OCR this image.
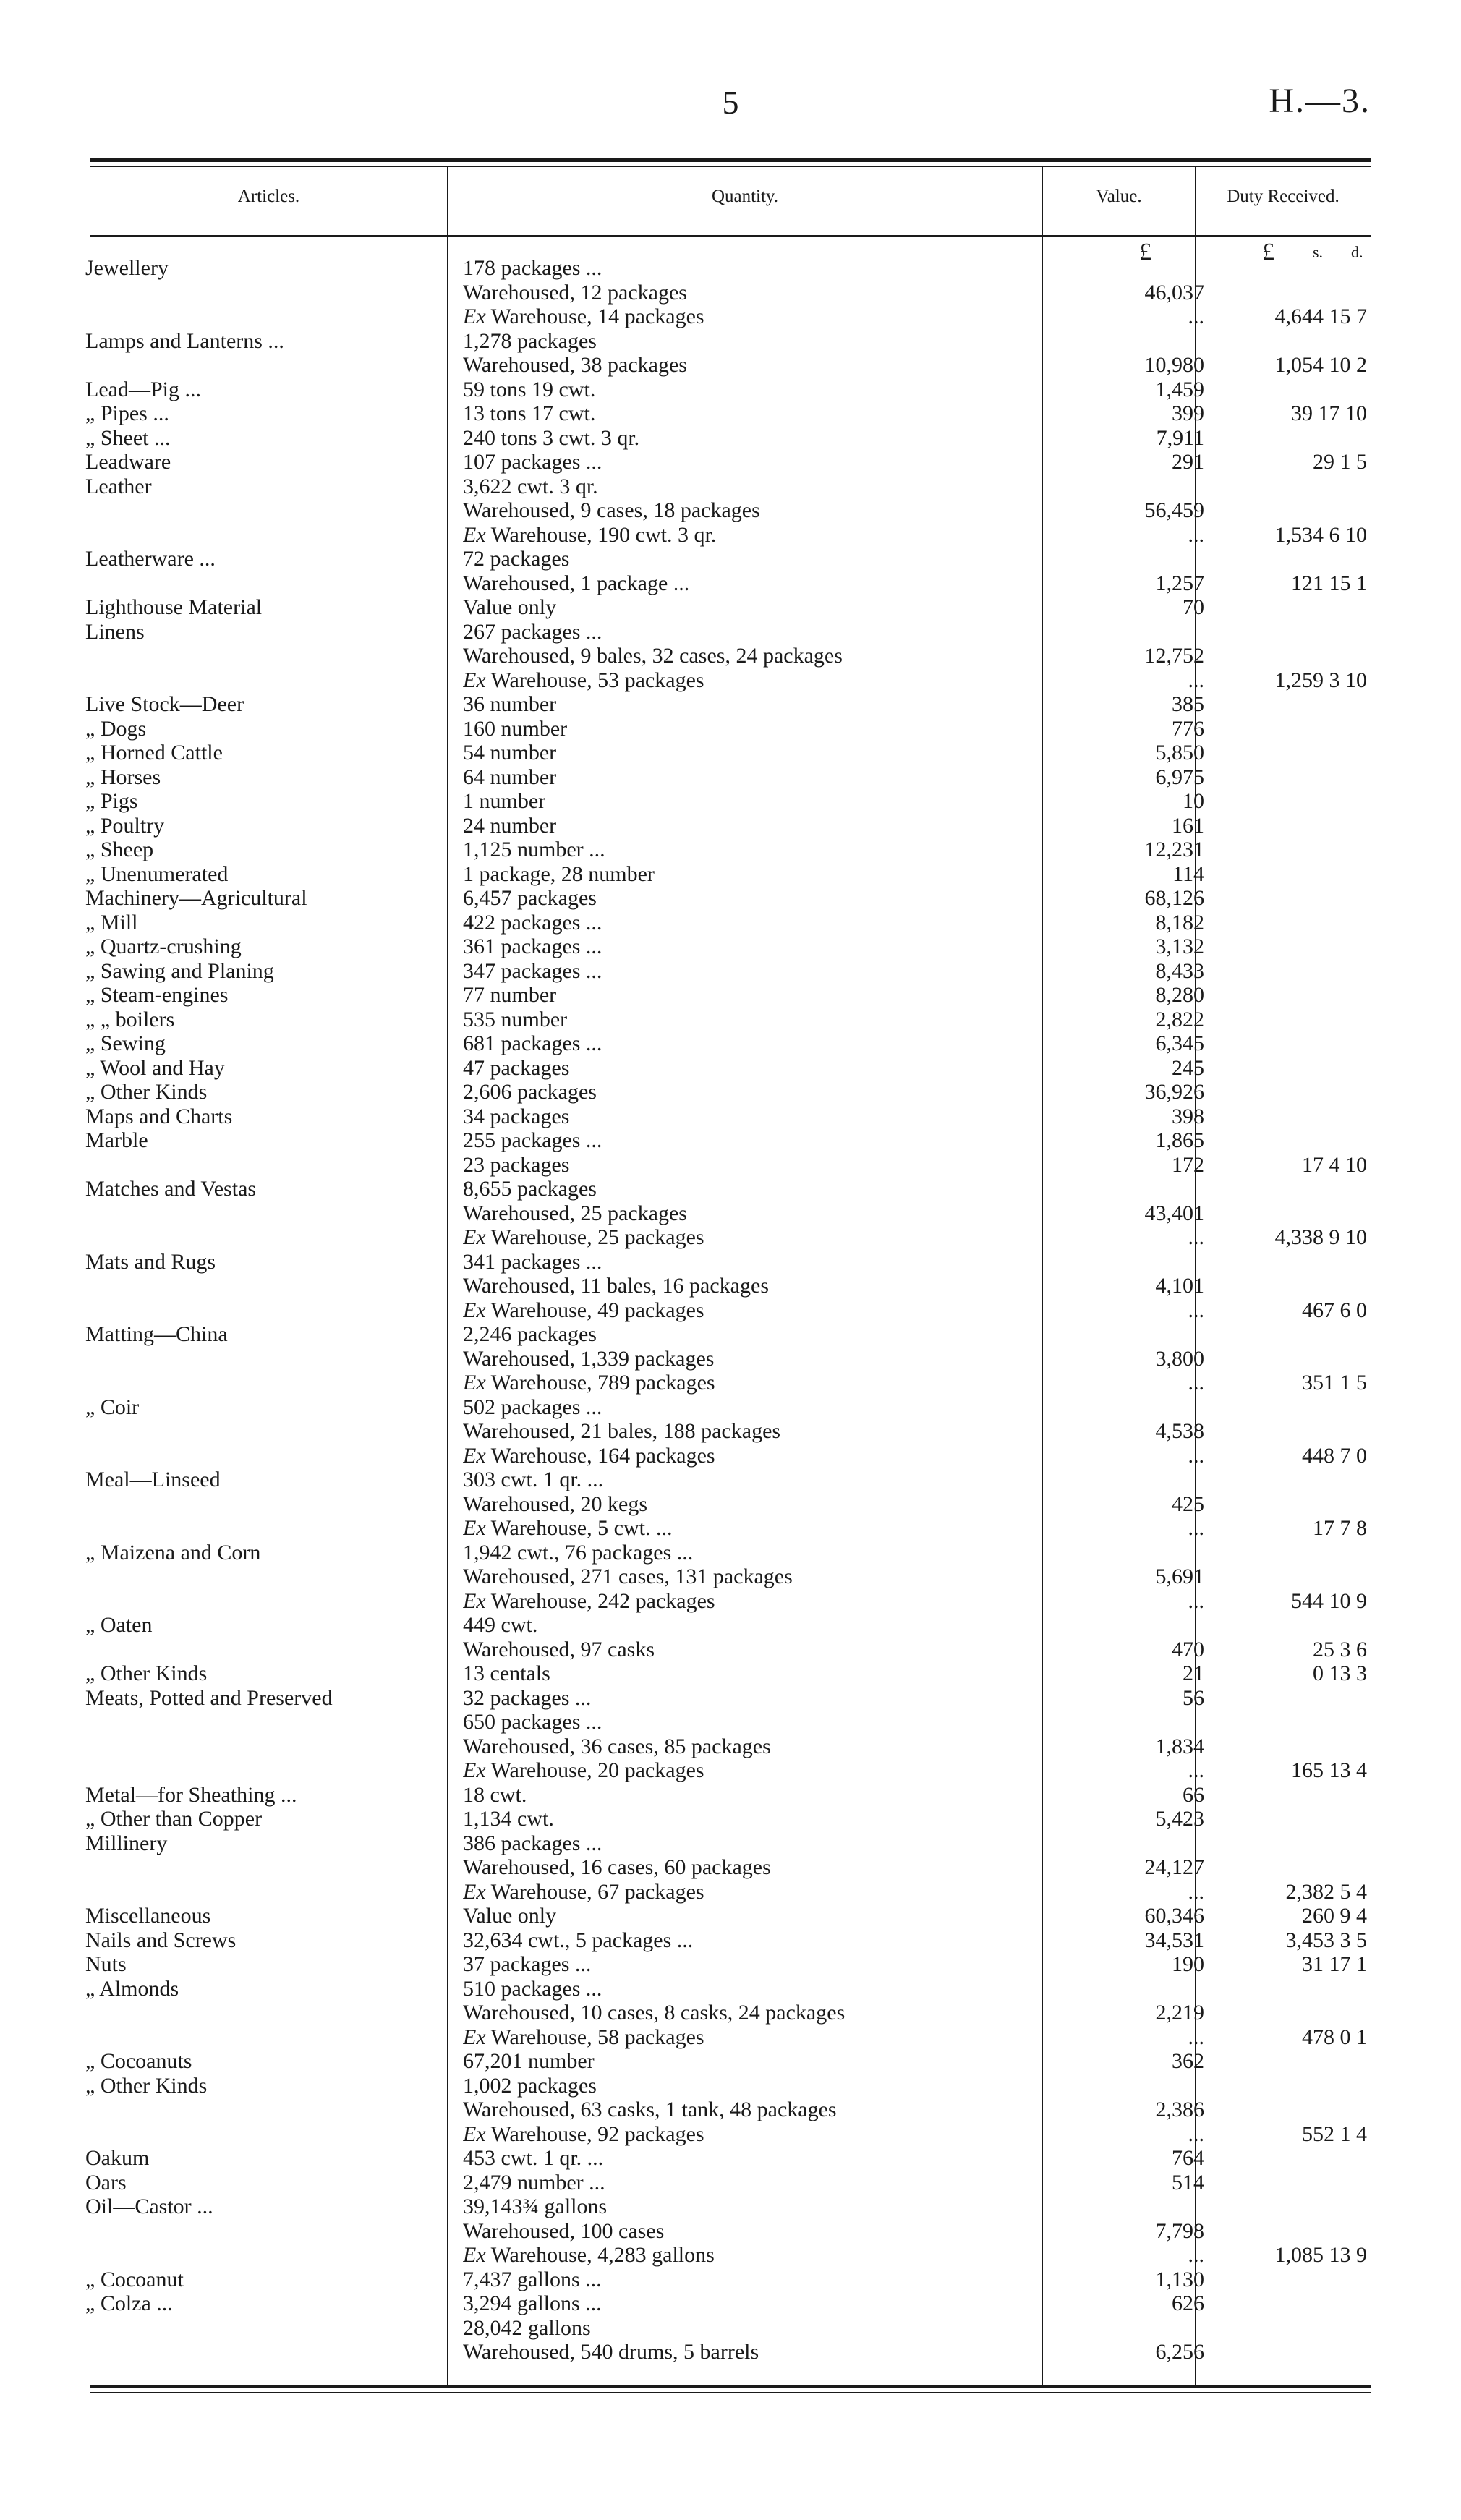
5	H.—3.
Articles.	Quantity.	Value.	Duty Received.
£	£ s. d.
Jewellery	178 packages ...
Warehoused, 12 packages	46,037
Ex Warehouse, 14 packages	...	4,644 15 7
Lamps and Lanterns ...	1,278 packages
Warehoused, 38 packages	10,980	1,054 10 2
Lead—Pig ...	59 tons 19 cwt.	1,459
„ Pipes ...	13 tons 17 cwt.	399	39 17 10
„ Sheet ...	240 tons 3 cwt. 3 qr.	7,911
Leadware	107 packages ...	291	29 1 5
Leather	3,622 cwt. 3 qr.
Warehoused, 9 cases, 18 packages	56,459
Ex Warehouse, 190 cwt. 3 qr.	...	1,534 6 10
Leatherware ...	72 packages
Warehoused, 1 package ...	1,257	121 15 1
Lighthouse Material	Value only	70
Linens	267 packages ...
Warehoused, 9 bales, 32 cases, 24 packages	12,752
Ex Warehouse, 53 packages	...	1,259 3 10
Live Stock—Deer	36 number	385
„ Dogs	160 number	776
„ Horned Cattle	54 number	5,850
„ Horses	64 number	6,975
„ Pigs	1 number	10
„ Poultry	24 number	161
„ Sheep	1,125 number ...	12,231
„ Unenumerated	1 package, 28 number	114
Machinery—Agricultural	6,457 packages	68,126
„ Mill	422 packages ...	8,182
„ Quartz-crushing	361 packages ...	3,132
„ Sawing and Planing	347 packages ...	8,433
„ Steam-engines	77 number	8,280
„ „ boilers	535 number	2,822
„ Sewing	681 packages ...	6,345
„ Wool and Hay	47 packages	245
„ Other Kinds	2,606 packages	36,926
Maps and Charts	34 packages	398
Marble	255 packages ...	1,865
23 packages	172	17 4 10
Matches and Vestas	8,655 packages
Warehoused, 25 packages	43,401
Ex Warehouse, 25 packages	...	4,338 9 10
Mats and Rugs	341 packages ...
Warehoused, 11 bales, 16 packages	4,101
Ex Warehouse, 49 packages	...	467 6 0
Matting—China	2,246 packages
Warehoused, 1,339 packages	3,800
Ex Warehouse, 789 packages	...	351 1 5
„ Coir	502 packages ...
Warehoused, 21 bales, 188 packages	4,538
Ex Warehouse, 164 packages	...	448 7 0
Meal—Linseed	303 cwt. 1 qr. ...
Warehoused, 20 kegs	425
Ex Warehouse, 5 cwt. ...	...	17 7 8
„ Maizena and Corn	1,942 cwt., 76 packages ...
Warehoused, 271 cases, 131 packages	5,691
Ex Warehouse, 242 packages	...	544 10 9
„ Oaten	449 cwt.
Warehoused, 97 casks	470	25 3 6
„ Other Kinds	13 centals	21	0 13 3
Meats, Potted and Preserved	32 packages ...	56
650 packages ...
Warehoused, 36 cases, 85 packages	1,834
Ex Warehouse, 20 packages	...	165 13 4
Metal—for Sheathing ...	18 cwt.	66
„ Other than Copper	1,134 cwt.	5,423
Millinery	386 packages ...
Warehoused, 16 cases, 60 packages	24,127
Ex Warehouse, 67 packages	...	2,382 5 4
Miscellaneous	Value only	60,346	260 9 4
Nails and Screws	32,634 cwt., 5 packages ...	34,531	3,453 3 5
Nuts	37 packages ...	190	31 17 1
„ Almonds	510 packages ...
Warehoused, 10 cases, 8 casks, 24 packages	2,219
Ex Warehouse, 58 packages	...	478 0 1
„ Cocoanuts	67,201 number	362
„ Other Kinds	1,002 packages
Warehoused, 63 casks, 1 tank, 48 packages	2,386
Ex Warehouse, 92 packages	...	552 1 4
Oakum	453 cwt. 1 qr. ...	764
Oars	2,479 number ...	514
Oil—Castor ...	39,143¾ gallons
Warehoused, 100 cases	7,798
Ex Warehouse, 4,283 gallons	...	1,085 13 9
„ Cocoanut	7,437 gallons ...	1,130
„ Colza ...	3,294 gallons ...	626
28,042 gallons
Warehoused, 540 drums, 5 barrels	6,256
